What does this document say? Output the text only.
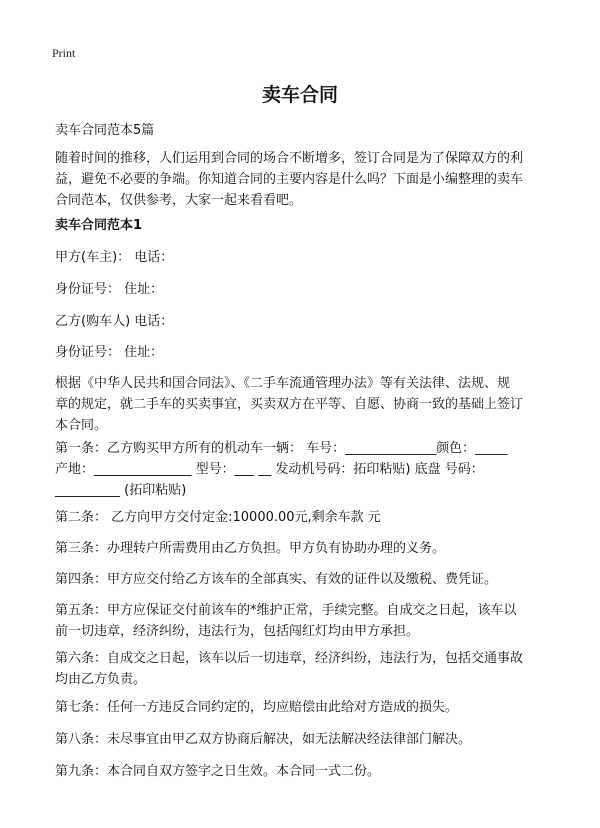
Print
卖车合同

卖车合同范本5篇

随着时间的推移，人们运用到合同的场合不断增多，签订合同是为了保障双方的利
益，避免不必要的争端。你知道合同的主要内容是什么吗？下面是小编整理的卖车
合同范本，仅供参考，大家一起来看看吧。

卖车合同范本1

甲方(车主)： 电话：

身份证号： 住址：

乙方(购车人) 电话：

身份证号： 住址：

根据《中华人民共和国合同法》、《二手车流通管理办法》等有关法律、法规、规
章的规定，就二手车的买卖事宜，买卖双方在平等、自愿、协商一致的基础上签订
本合同。
第一条：乙方购买甲方所有的机动车一辆： 车号：______________颜色：_____
产地：_______________ 型号：___ __ 发动机号码：拓印粘贴) 底盘 号码：
__________ (拓印粘贴)

第二条： 乙方向甲方交付定金:10000.00元,剩余车款 元

第三条：办理转户所需费用由乙方负担。甲方负有协助办理的义务。

第四条：甲方应交付给乙方该车的全部真实、有效的证件以及缴税、费凭证。

第五条：甲方应保证交付前该车的*维护正常，手续完整。自成交之日起，该车以
前一切违章，经济纠纷，违法行为，包括闯红灯均由甲方承担。
第六条：自成交之日起，该车以后一切违章，经济纠纷，违法行为，包括交通事故
均由乙方负责。

第七条：任何一方违反合同约定的，均应赔偿由此给对方造成的损失。

第八条：未尽事宜由甲乙双方协商后解决，如无法解决经法律部门解决。

第九条：本合同自双方签字之日生效。本合同一式二份。
